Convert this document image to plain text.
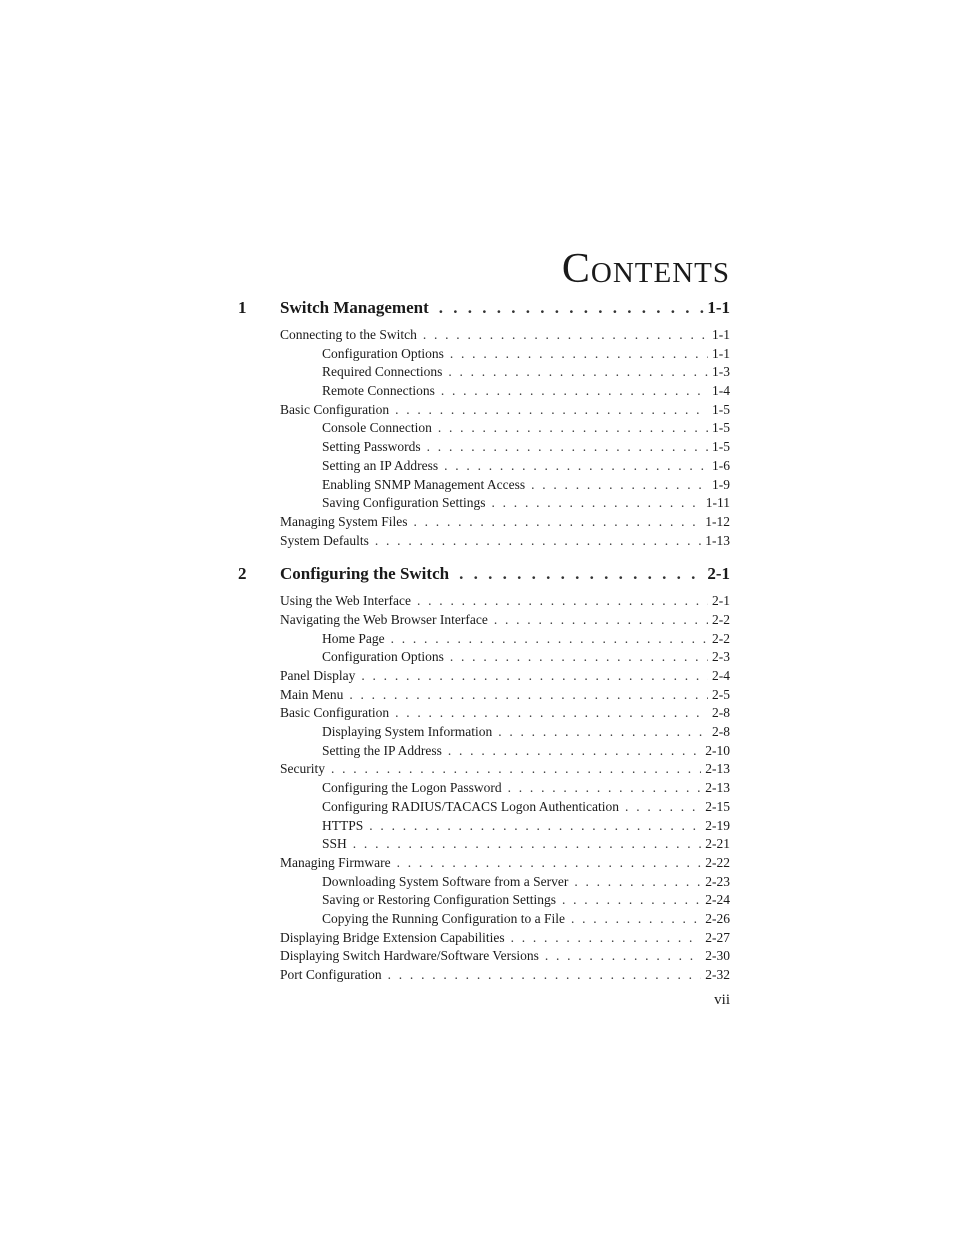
Contents
1	Switch Management . . .	1-1
Connecting to the Switch . . .	1-1
Configuration Options . . .	1-1
Required Connections . . .	1-3
Remote Connections . . .	1-4
Basic Configuration . . .	1-5
Console Connection . . .	1-5
Setting Passwords . . .	1-5
Setting an IP Address . . .	1-6
Enabling SNMP Management Access . . .	1-9
Saving Configuration Settings . . .	1-11
Managing System Files . . .	1-12
System Defaults . . .	1-13
2	Configuring the Switch . . .	2-1
Using the Web Interface . . .	2-1
Navigating the Web Browser Interface . . .	2-2
Home Page . . .	2-2
Configuration Options . . .	2-3
Panel Display . . .	2-4
Main Menu . . .	2-5
Basic Configuration . . .	2-8
Displaying System Information . . .	2-8
Setting the IP Address . . .	2-10
Security . . .	2-13
Configuring the Logon Password . . .	2-13
Configuring RADIUS/TACACS Logon Authentication . . .	2-15
HTTPS . . .	2-19
SSH . . .	2-21
Managing Firmware . . .	2-22
Downloading System Software from a Server . . .	2-23
Saving or Restoring Configuration Settings . . .	2-24
Copying the Running Configuration to a File . . .	2-26
Displaying Bridge Extension Capabilities . . .	2-27
Displaying Switch Hardware/Software Versions . . .	2-30
Port Configuration . . .	2-32
vii
